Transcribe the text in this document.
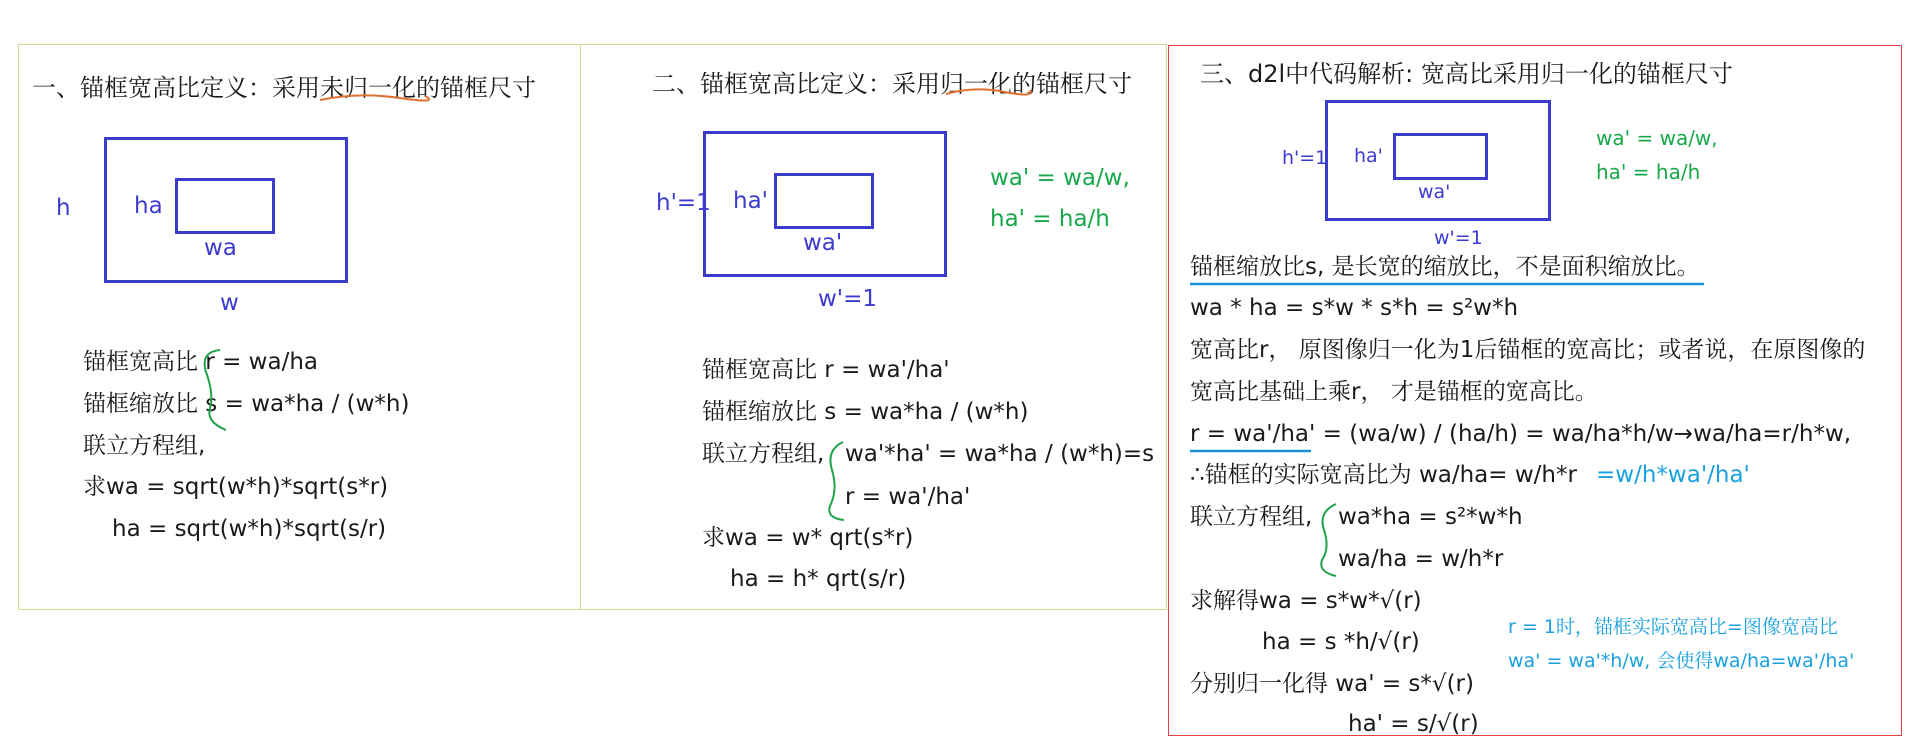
一、锚框宽高比定义：采用未归一化的锚框尺寸
h	ha
wa
w
锚框宽高比 r = wa/ha
锚框缩放比 s = wa*ha / (w*h)
联立方程组,
求wa = sqrt(w*h)*sqrt(s*r)
ha = sqrt(w*h)*sqrt(s/r)
二、锚框宽高比定义：采用归一化的锚框尺寸
h'=1 ha'
wa'
w'=1
wa' = wa/w,
ha' = ha/h
锚框宽高比 r = wa'/ha'
锚框缩放比 s = wa*ha / (w*h)
联立方程组, wa'*ha' = wa*ha / (w*h)=s
r = wa'/ha'
求wa = w* qrt(s*r)
ha = h* qrt(s/r)
三、d2l中代码解析: 宽高比采用归一化的锚框尺寸
h'=1 ha'
wa'
w'=1
wa' = wa/w,
ha' = ha/h
锚框缩放比s, 是长宽的缩放比，不是面积缩放比。
wa * ha = s*w * s*h = s²w*h
宽高比r， 原图像归一化为1后锚框的宽高比；或者说，在原图像的
宽高比基础上乘r， 才是锚框的宽高比。
r = wa'/ha' = (wa/w) / (ha/h) = wa/ha*h/w→wa/ha=r/h*w,
∴锚框的实际宽高比为 wa/ha= w/h*r =w/h*wa'/ha'
联立方程组, wa*ha = s²*w*h
wa/ha = w/h*r
求解得wa = s*w*√(r)
ha = s *h/√(r)
分别归一化得 wa' = s*√(r)
ha' = s/√(r)
r = 1时，锚框实际宽高比=图像宽高比
wa' = wa'*h/w, 会使得wa/ha=wa'/ha'
